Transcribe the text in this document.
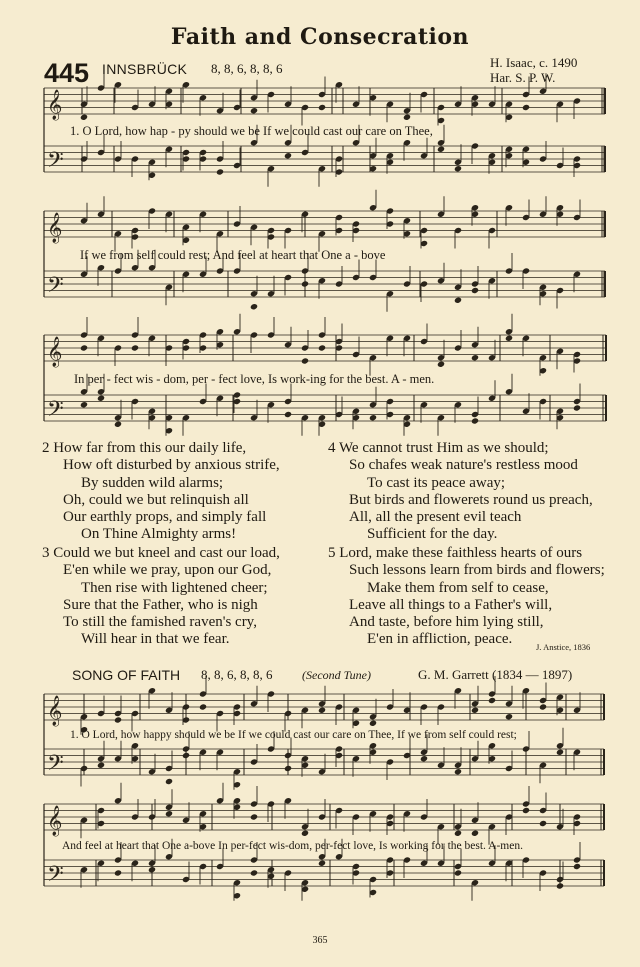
𝄞
𝄢
𝄞
𝄢
𝄞
𝄢
𝄞
𝄢
𝄞
𝄢
Faith and Consecration
445 INNSBRÜCK 8, 8, 6, 8, 8, 6	H. Isaac, c. 1490
Har. S. P. W.
1. O Lord, how hap - py should we be If we could cast our care on Thee,
If we from self could rest; And feel at heart that One a - bove
In per - fect wis - dom, per - fect love, Is work-ing for the best. A - men.
2 How far from this our daily life,
How oft disturbed by anxious strife,
By sudden wild alarms;
Oh, could we but relinquish all
Our earthly props, and simply fall
On Thine Almighty arms!
3 Could we but kneel and cast our load,
E'en while we pray, upon our God,
Then rise with lightened cheer;
Sure that the Father, who is nigh
To still the famished raven's cry,
Will hear in that we fear.
4 We cannot trust Him as we should;
So chafes weak nature's restless mood
To cast its peace away;
But birds and flowerets round us preach,
All, all the present evil teach
Sufficient for the day.
5 Lord, make these faithless hearts of ours
Such lessons learn from birds and flowers;
Make them from self to cease,
Leave all things to a Father's will,
And taste, before him lying still,
E'en in affliction, peace.	J. Anstice, 1836
SONG OF FAITH 8, 8, 6, 8, 8, 6 (Second Tune)	G. M. Garrett (1834 — 1897)
1. O Lord, how happy should we be If we could cast our care on Thee, If we from self could rest;
And feel at heart that One a-bove In per-fect wis-dom, per-fect love, Is working for the best. A-men.
365
